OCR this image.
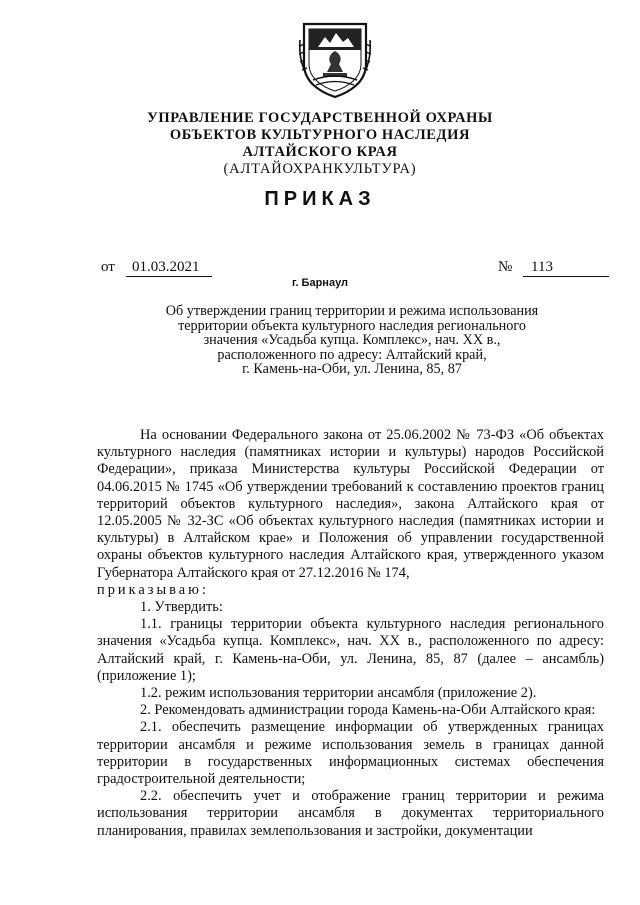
УПРАВЛЕНИЕ ГОСУДАРСТВЕННОЙ ОХРАНЫ
ОБЪЕКТОВ КУЛЬТУРНОГО НАСЛЕДИЯ
АЛТАЙСКОГО КРАЯ
(АЛТАЙОХРАНКУЛЬТУРА)
ПРИКАЗ
от	01.03.2021	№	113
г. Барнаул
Об утверждении границ территории и режима использования
территории объекта культурного наследия регионального
значения «Усадьба купца. Комплекс», нач. XX в.,
расположенного по адресу: Алтайский край,
г. Камень-на-Оби, ул. Ленина, 85, 87

На основании Федерального закона от 25.06.2002 № 73-ФЗ «Об объектах культурного наследия (памятниках истории и культуры) народов Российской Федерации», приказа Министерства культуры Российской Федерации от 04.06.2015 № 1745 «Об утверждении требований к составлению проектов границ территорий объектов культурного наследия», закона Алтайского края от 12.05.2005 № 32-ЗС «Об объектах культурного наследия (памятниках истории и культуры) в Алтайском крае» и Положения об управлении государственной охраны объектов культурного наследия Алтайского края, утвержденного указом Губернатора Алтайского края от 27.12.2016 № 174,

приказываю:

1. Утвердить:

1.1. границы территории объекта культурного наследия регионального значения «Усадьба купца. Комплекс», нач. XX в., расположенного по адресу: Алтайский край, г. Камень-на-Оби, ул. Ленина, 85, 87 (далее – ансамбль) (приложение 1);

1.2. режим использования территории ансамбля (приложение 2).

2. Рекомендовать администрации города Камень-на-Оби Алтайского края:

2.1. обеспечить размещение информации об утвержденных границах территории ансамбля и режиме использования земель в границах данной территории в государственных информационных системах обеспечения градостроительной деятельности;

2.2. обеспечить учет и отображение границ территории и режима использования территории ансамбля в документах территориального планирования, правилах землепользования и застройки, документации
